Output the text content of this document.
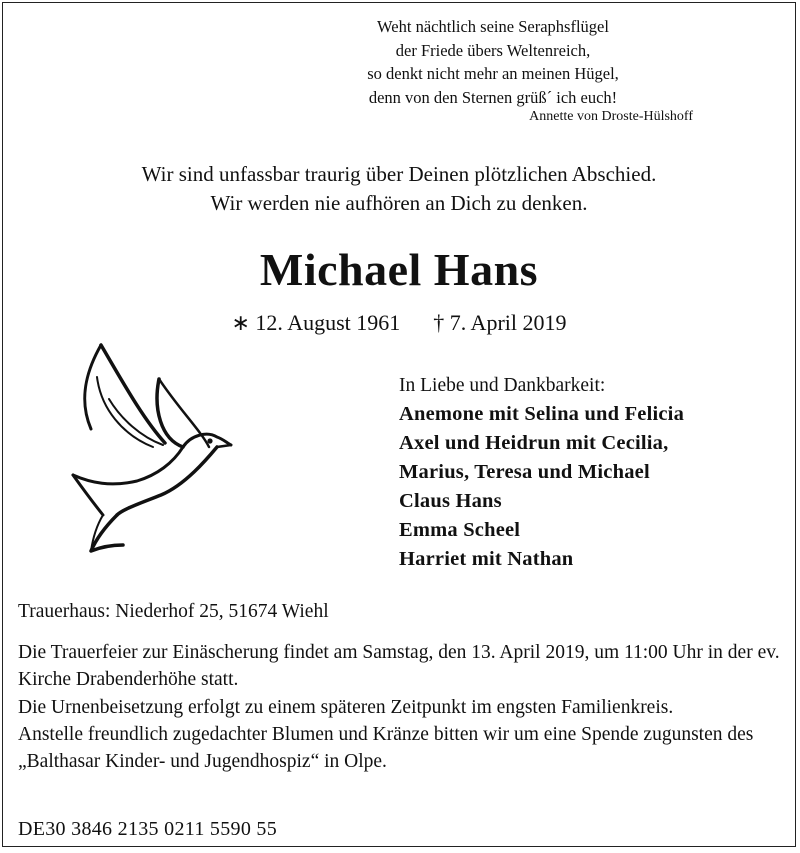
Weht nächtlich seine Seraphsflügel
der Friede übers Weltenreich,
so denkt nicht mehr an meinen Hügel,
denn von den Sternen grüß´ ich euch!
Annette von Droste-Hülshoff
Wir sind unfassbar traurig über Deinen plötzlichen Abschied.
Wir werden nie aufhören an Dich zu denken.
Michael Hans
∗ 12. August 1961 † 7. April 2019
In Liebe und Dankbarkeit:
Anemone mit Selina und Felicia
Axel und Heidrun mit Cecilia,
Marius, Teresa und Michael
Claus Hans
Emma Scheel
Harriet mit Nathan
Trauerhaus: Niederhof 25, 51674 Wiehl

Die Trauerfeier zur Einäscherung findet am Samstag, den 13. April 2019, um 11:00 Uhr in der ev. Kirche Drabenderhöhe statt.

Die Urnenbeisetzung erfolgt zu einem späteren Zeitpunkt im engsten Familienkreis.

Anstelle freundlich zugedachter Blumen und Kränze bitten wir um eine Spende zugunsten des „Balthasar Kinder- und Jugendhospiz“ in Olpe.

DE30 3846 2135 0211 5590 55
